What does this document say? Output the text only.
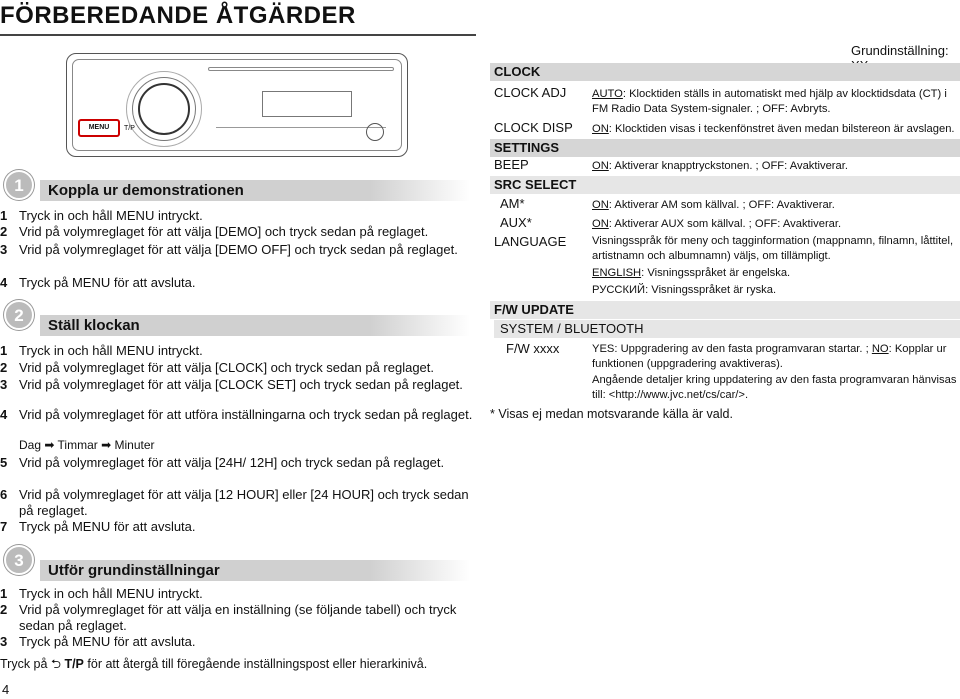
FÖRBEREDANDE ÅTGÄRDER
MENU	T/P
1	Koppla ur demonstrationen
1 Tryck in och håll MENU intryckt.
2 Vrid på volymreglaget för att välja [DEMO] och tryck sedan på reglaget.
3 Vrid på volymreglaget för att välja [DEMO OFF] och tryck sedan på reglaget.
4 Tryck på MENU för att avsluta.
2
Ställ klockan
1 Tryck in och håll MENU intryckt.
2 Vrid på volymreglaget för att välja [CLOCK] och tryck sedan på reglaget.
3 Vrid på volymreglaget för att välja [CLOCK SET] och tryck sedan på reglaget.
4 Vrid på volymreglaget för att utföra inställningarna och tryck sedan på reglaget.
Dag ➡ Timmar ➡ Minuter
5 Vrid på volymreglaget för att välja [24H/ 12H] och tryck sedan på reglaget.
6 Vrid på volymreglaget för att välja [12 HOUR] eller [24 HOUR] och tryck sedan på reglaget.
7 Tryck på MENU för att avsluta.
3
Utför grundinställningar
1 Tryck in och håll MENU intryckt.
2 Vrid på volymreglaget för att välja en inställning (se följande tabell) och tryck sedan på reglaget.
3 Tryck på MENU för att avsluta.
Tryck på ⮌ T/P för att återgå till föregående inställningspost eller hierarkinivå.
4
Grundinställning:
CLOCK
CLOCK ADJ AUTO: Klocktiden ställs in automatiskt med hjälp av klocktidsdata (CT) i FM Radio Data System-signaler. ; OFF: Avbryts.
CLOCK DISP ON: Klocktiden visas i teckenfönstret även medan bilstereon är avslagen.
SETTINGS
BEEP	ON: Aktiverar knapptryckstonen. ; OFF: Avaktiverar.
SRC SELECT
AM*	ON: Aktiverar AM som källval. ; OFF: Avaktiverar.
AUX*	ON: Aktiverar AUX som källval. ; OFF: Avaktiverar.
LANGUAGE Visningsspråk för meny och tagginformation (mappnamn, filnamn, låttitel, artistnamn och albumnamn) väljs, om tillämpligt.
ENGLISH: Visningsspråket är engelska.
РУССКИЙ: Visningsspråket är ryska.
F/W UPDATE
SYSTEM / BLUETOOTH
F/W xxxx	YES: Uppgradering av den fasta programvaran startar. ; NO: Kopplar ur funktionen (uppgradering avaktiveras).
Angående detaljer kring uppdatering av den fasta programvaran hänvisas till: <http://www.jvc.net/cs/car/>.
* Visas ej medan motsvarande källa är vald.
